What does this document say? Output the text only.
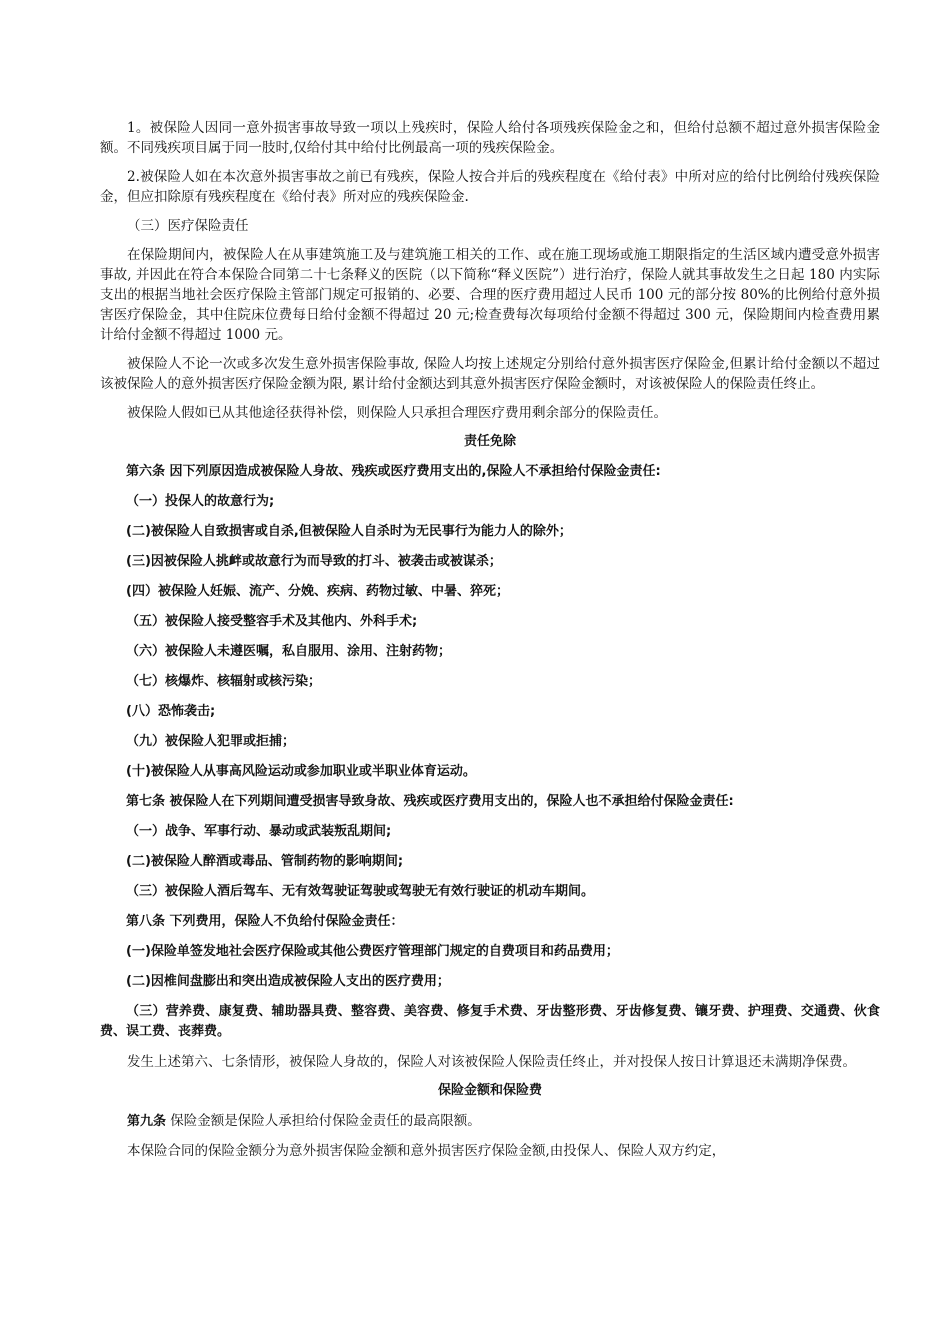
1。被保险人因同一意外损害事故导致一项以上残疾时，保险人给付各项残疾保险金之和，但给付总额不超过意外损害保险金额。不同残疾项目属于同一肢时,仅给付其中给付比例最高一项的残疾保险金。

2.被保险人如在本次意外损害事故之前已有残疾，保险人按合并后的残疾程度在《给付表》中所对应的给付比例给付残疾保险金，但应扣除原有残疾程度在《给付表》所对应的残疾保险金.

（三）医疗保险责任

在保险期间内，被保险人在从事建筑施工及与建筑施工相关的工作、或在施工现场或施工期限指定的生活区域内遭受意外损害事故, 并因此在符合本保险合同第二十七条释义的医院（以下简称“释义医院”）进行治疗，保险人就其事故发生之日起 180 内实际支出的根据当地社会医疗保险主管部门规定可报销的、必要、合理的医疗费用超过人民币 100 元的部分按 80%的比例给付意外损害医疗保险金，其中住院床位费每日给付金额不得超过 20 元;检查费每次每项给付金额不得超过 300 元，保险期间内检查费用累计给付金额不得超过 1000 元。

被保险人不论一次或多次发生意外损害保险事故, 保险人均按上述规定分别给付意外损害医疗保险金,但累计给付金额以不超过该被保险人的意外损害医疗保险金额为限, 累计给付金额达到其意外损害医疗保险金额时，对该被保险人的保险责任终止。

被保险人假如已从其他途径获得补偿，则保险人只承担合理医疗费用剩余部分的保险责任。

责任免除

第六条 因下列原因造成被保险人身故、残疾或医疗费用支出的,保险人不承担给付保险金责任:

（一）投保人的故意行为;

(二)被保险人自致损害或自杀,但被保险人自杀时为无民事行为能力人的除外；

(三)因被保险人挑衅或故意行为而导致的打斗、被袭击或被谋杀；

(四）被保险人妊娠、流产、分娩、疾病、药物过敏、中暑、猝死；

（五）被保险人接受整容手术及其他内、外科手术;

（六）被保险人未遵医嘱，私自服用、涂用、注射药物；

（七）核爆炸、核辐射或核污染；

(八）恐怖袭击;

（九）被保险人犯罪或拒捕；

(十)被保险人从事高风险运动或参加职业或半职业体育运动。

第七条 被保险人在下列期间遭受损害导致身故、残疾或医疗费用支出的，保险人也不承担给付保险金责任:

（一）战争、军事行动、暴动或武装叛乱期间;

(二)被保险人醉酒或毒品、管制药物的影响期间;

（三）被保险人酒后驾车、无有效驾驶证驾驶或驾驶无有效行驶证的机动车期间。

第八条 下列费用，保险人不负给付保险金责任：

(一)保险单签发地社会医疗保险或其他公费医疗管理部门规定的自费项目和药品费用；

(二)因椎间盘膨出和突出造成被保险人支出的医疗费用；

（三）营养费、康复费、辅助器具费、整容费、美容费、修复手术费、牙齿整形费、牙齿修复费、镶牙费、护理费、交通费、伙食费、误工费、丧葬费。

发生上述第六、七条情形，被保险人身故的，保险人对该被保险人保险责任终止，并对投保人按日计算退还未满期净保费。

保险金额和保险费

第九条 保险金额是保险人承担给付保险金责任的最高限额。

本保险合同的保险金额分为意外损害保险金额和意外损害医疗保险金额,由投保人、保险人双方约定，
